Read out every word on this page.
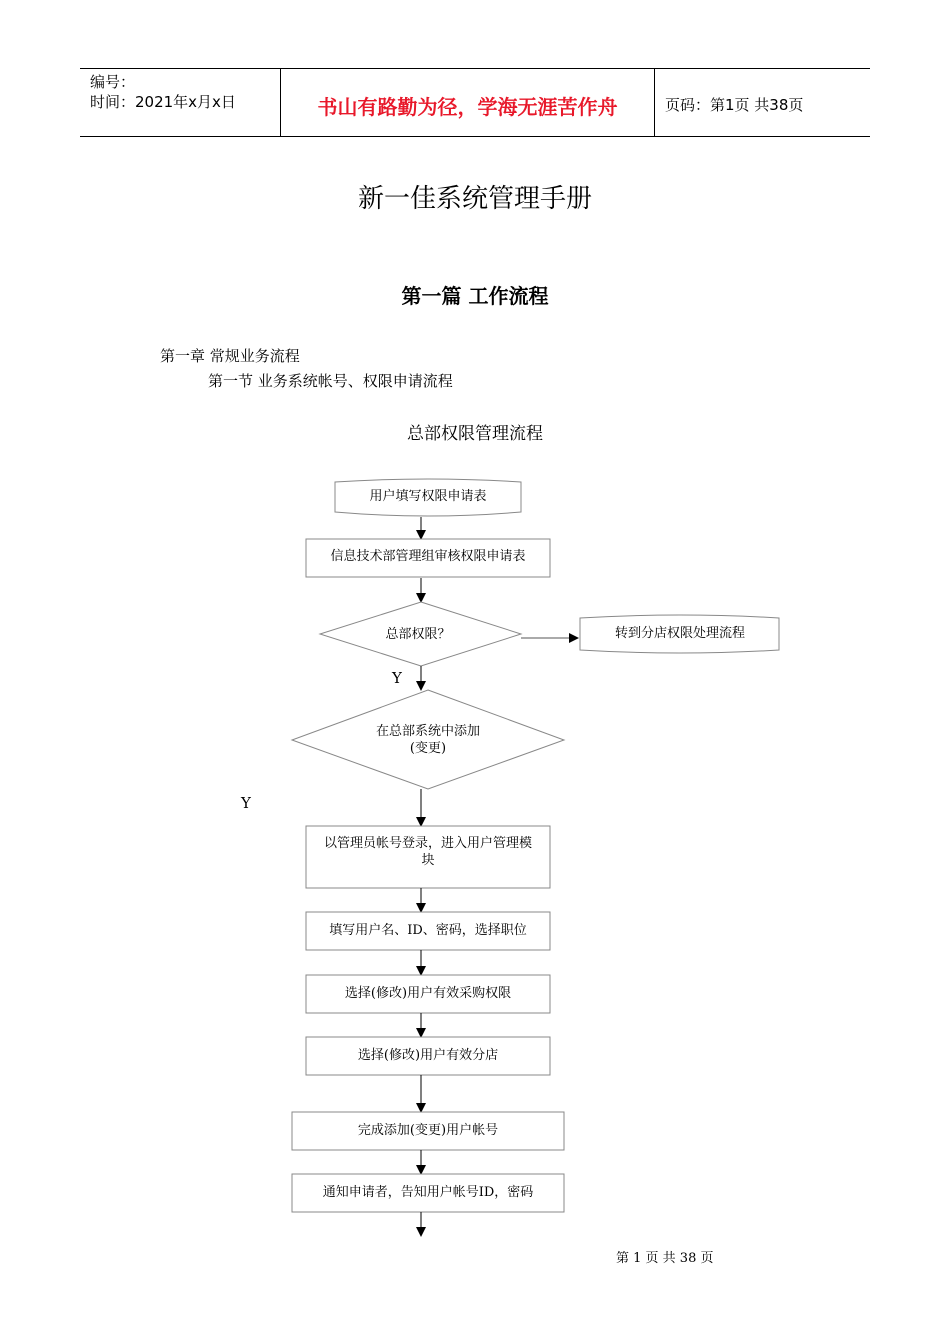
编号：
时间：2021年x月x日	书山有路勤为径，学海无涯苦作舟	页码：第1页 共38页
新一佳系统管理手册
第一篇 工作流程
第一章 常规业务流程
第一节 业务系统帐号、权限申请流程
总部权限管理流程
用户填写权限申请表
信息技术部管理组审核权限申请表
总部权限？	转到分店权限处理流程
Y
在总部系统中添加
(变更)
Y
以管理员帐号登录，进入用户管理模
块
填写用户名、ID、密码，选择职位
选择(修改)用户有效采购权限
选择(修改)用户有效分店
完成添加(变更)用户帐号
通知申请者，告知用户帐号ID，密码
第 1 页 共 38 页
